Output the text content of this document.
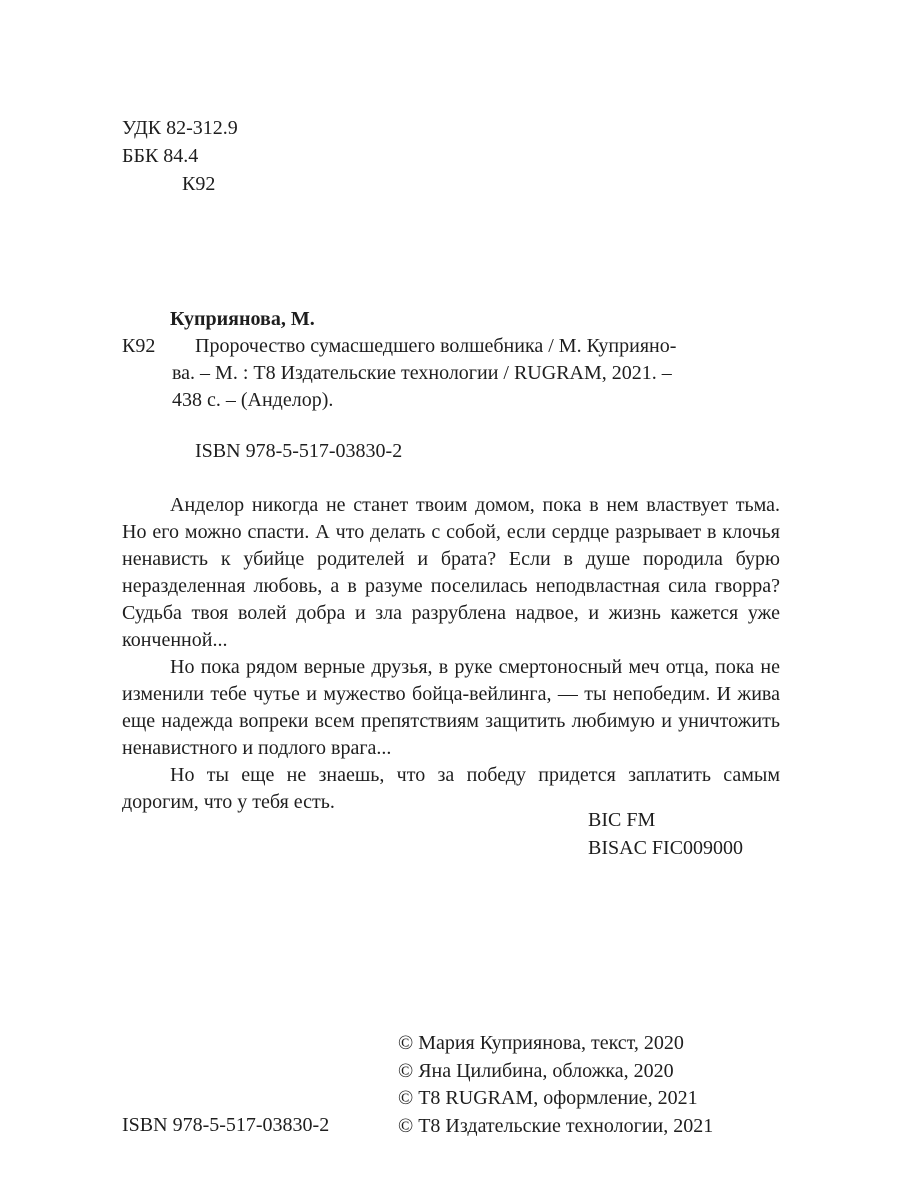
УДК 82-312.9
ББК 84.4
К92
Куприянова, М.
К92	Пророчество сумасшедшего волшебника / М. Куприяно-
ва. – М. : Т8 Издательские технологии / RUGRAM, 2021. –
438 с. – (Анделор).
ISBN 978-5-517-03830-2

Анделор никогда не станет твоим домом, пока в нем властвует тьма. Но его можно спасти. А что делать с собой, если сердце разрывает в клочья ненависть к убийце родителей и брата? Если в душе породила бурю неразделенная любовь, а в разуме поселилась неподвластная сила гворра? Судьба твоя волей добра и зла разрублена надвое, и жизнь кажется уже конченной...

Но пока рядом верные друзья, в руке смертоносный меч отца, пока не изменили тебе чутье и мужество бойца-вейлинга, — ты непобедим. И жива еще надежда вопреки всем препятствиям защитить любимую и уничтожить ненавистного и подлого врага...

Но ты еще не знаешь, что за победу придется заплатить самым дорогим, что у тебя есть.

BIC FM
BISAC FIC009000
ISBN 978-5-517-03830-2
© Мария Куприянова, текст, 2020
© Яна Цилибина, обложка, 2020
© Т8 RUGRAM, оформление, 2021
© Т8 Издательские технологии, 2021
